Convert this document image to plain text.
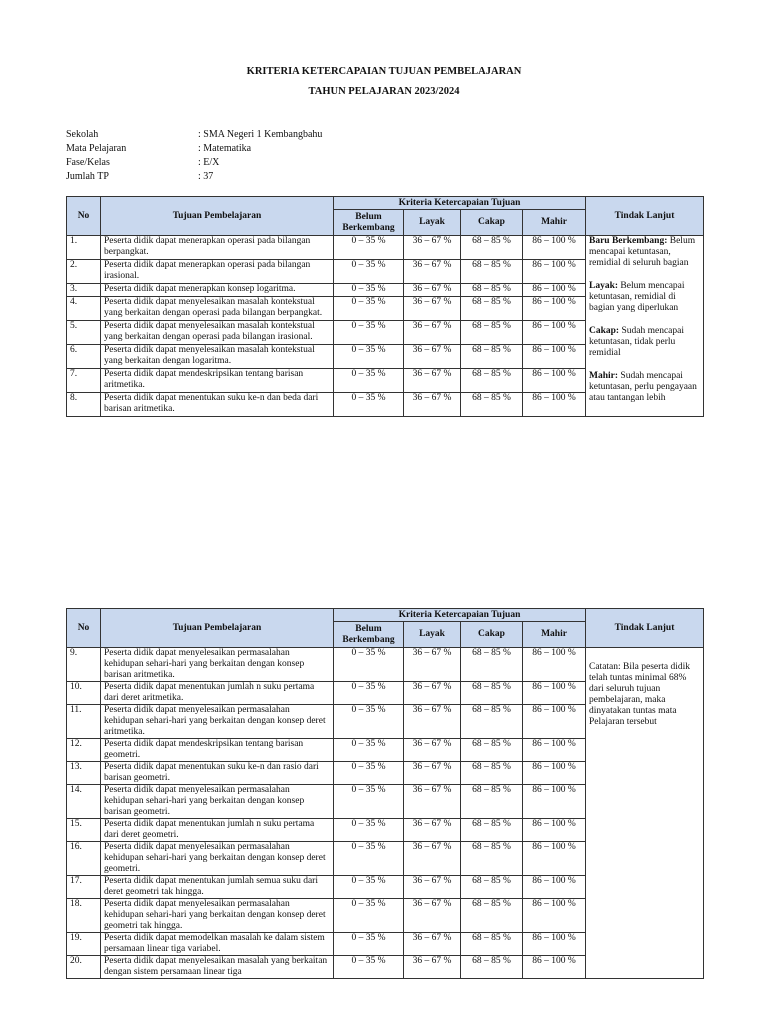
KRITERIA KETERCAPAIAN TUJUAN PEMBELAJARAN
TAHUN PELAJARAN 2023/2024
Sekolah	: SMA Negeri 1 Kembangbahu
Mata Pelajaran	: Matematika
Fase/Kelas	: E/X
Jumlah TP	: 37
No	Tujuan Pembelajaran	Kriteria Ketercapaian Tujuan				Tindak Lanjut
		Belum Berkembang	Layak	Cakap	Mahir	
1.	Peserta didik dapat menerapkan operasi pada bilangan berpangkat.	0 – 35 %	36 – 67 %	68 – 85 %	86 – 100 %	Baru Berkembang: Belum mencapai ketuntasan, remidial di seluruh bagian
Layak: Belum mencapai ketuntasan, remidial di bagian yang diperlukan
Cakap: Sudah mencapai ketuntasan, tidak perlu remidial
Mahir: Sudah mencapai ketuntasan, perlu pengayaan atau tantangan lebih

2.	Peserta didik dapat menerapkan operasi pada bilangan irasional.	0 – 35 %	36 – 67 %	68 – 85 %	86 – 100 %	
3.	Peserta didik dapat menerapkan konsep logaritma.	0 – 35 %	36 – 67 %	68 – 85 %	86 – 100 %	
4.	Peserta didik dapat menyelesaikan masalah kontekstual yang berkaitan dengan operasi pada bilangan berpangkat.	0 – 35 %	36 – 67 %	68 – 85 %	86 – 100 %	
5.	Peserta didik dapat menyelesaikan masalah kontekstual yang berkaitan dengan operasi pada bilangan irasional.	0 – 35 %	36 – 67 %	68 – 85 %	86 – 100 %	
6.	Peserta didik dapat menyelesaikan masalah kontekstual yang berkaitan dengan logaritma.	0 – 35 %	36 – 67 %	68 – 85 %	86 – 100 %	
7.	Peserta didik dapat mendeskripsikan tentang barisan aritmetika.	0 – 35 %	36 – 67 %	68 – 85 %	86 – 100 %	
8.	Peserta didik dapat menentukan suku ke-n dan beda dari barisan aritmetika.	0 – 35 %	36 – 67 %	68 – 85 %	86 – 100 %	
No	Tujuan Pembelajaran	Kriteria Ketercapaian Tujuan				Tindak Lanjut
		Belum Berkembang	Layak	Cakap	Mahir	
9.	Peserta didik dapat menyelesaikan permasalahan kehidupan sehari-hari yang berkaitan dengan konsep barisan aritmetika.	0 – 35 %	36 – 67 %	68 – 85 %	86 – 100 %	Catatan: Bila peserta didik telah tuntas minimal 68% dari seluruh tujuan pembelajaran, maka dinyatakan tuntas mata Pelajaran tersebut

10.	Peserta didik dapat menentukan jumlah n suku pertama dari deret aritmetika.	0 – 35 %	36 – 67 %	68 – 85 %	86 – 100 %	
11.	Peserta didik dapat menyelesaikan permasalahan kehidupan sehari-hari yang berkaitan dengan konsep deret aritmetika.	0 – 35 %	36 – 67 %	68 – 85 %	86 – 100 %	
12.	Peserta didik dapat mendeskripsikan tentang barisan geometri.	0 – 35 %	36 – 67 %	68 – 85 %	86 – 100 %	
13.	Peserta didik dapat menentukan suku ke-n dan rasio dari barisan geometri.	0 – 35 %	36 – 67 %	68 – 85 %	86 – 100 %	
14.	Peserta didik dapat menyelesaikan permasalahan kehidupan sehari-hari yang berkaitan dengan konsep barisan geometri.	0 – 35 %	36 – 67 %	68 – 85 %	86 – 100 %	
15.	Peserta didik dapat menentukan jumlah n suku pertama dari deret geometri.	0 – 35 %	36 – 67 %	68 – 85 %	86 – 100 %	
16.	Peserta didik dapat menyelesaikan permasalahan kehidupan sehari-hari yang berkaitan dengan konsep deret geometri.	0 – 35 %	36 – 67 %	68 – 85 %	86 – 100 %	
17.	Peserta didik dapat menentukan jumlah semua suku dari deret geometri tak hingga.	0 – 35 %	36 – 67 %	68 – 85 %	86 – 100 %	
18.	Peserta didik dapat menyelesaikan permasalahan kehidupan sehari-hari yang berkaitan dengan konsep deret geometri tak hingga.	0 – 35 %	36 – 67 %	68 – 85 %	86 – 100 %	
19.	Peserta didik dapat memodelkan masalah ke dalam sistem persamaan linear tiga variabel.	0 – 35 %	36 – 67 %	68 – 85 %	86 – 100 %	
20.	Peserta didik dapat menyelesaikan masalah yang berkaitan dengan sistem persamaan linear tiga	0 – 35 %	36 – 67 %	68 – 85 %	86 – 100 %	
